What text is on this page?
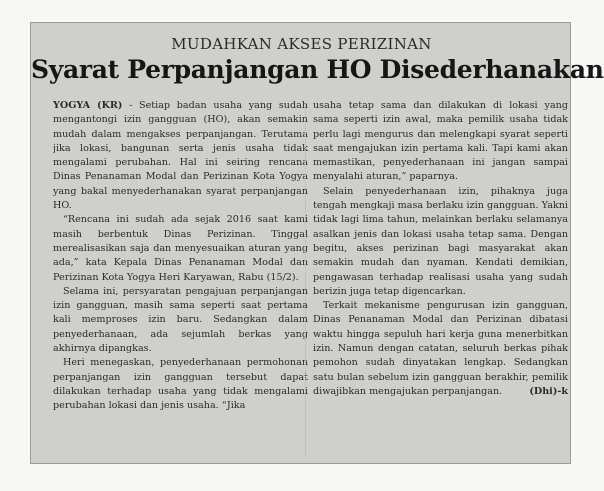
MUDAHKAN AKSES PERIZINAN
Syarat Perpanjangan HO Disederhanakan

YOGYA (KR) - Setiap badan usaha yang sudah mengantongi izin gangguan (HO), akan semakin mudah dalam mengakses perpanjangan. Terutama jika lokasi, bangunan serta jenis usaha tidak mengalami perubahan. Hal ini seiring rencana Dinas Penanaman Modal dan Perizinan Kota Yogya yang bakal menyederhanakan syarat perpanjangan HO.

“Rencana ini sudah ada sejak 2016 saat kami masih berbentuk Dinas Perizinan. Tinggal merealisasikan saja dan menyesuaikan aturan yang ada,” kata Kepala Dinas Penanaman Modal dan Perizinan Kota Yogya Heri Karyawan, Rabu (15/2).

Selama ini, persyaratan pengajuan perpanjangan izin gangguan, masih sama seperti saat pertama kali memproses izin baru. Sedangkan dalam penyederhanaan, ada sejumlah berkas yang akhirnya dipangkas.

Heri menegaskan, penyederhanaan permohonan perpanjangan izin gangguan tersebut dapat dilakukan terhadap usaha yang tidak mengalami perubahan lokasi dan jenis usaha. “Jika

usaha tetap sama dan dilakukan di lokasi yang sama seperti izin awal, maka pemilik usaha tidak perlu lagi mengurus dan melengkapi syarat seperti saat mengajukan izin pertama kali. Tapi kami akan memastikan, penyederhanaan ini jangan sampai menyalahi aturan,” paparnya.

Selain penyederhanaan izin, pihaknya juga tengah mengkaji masa berlaku izin gangguan. Yakni tidak lagi lima tahun, melainkan berlaku selamanya asalkan jenis dan lokasi usaha tetap sama. Dengan begitu, akses perizinan bagi masyarakat akan semakin mudah dan nyaman. Kendati demikian, pengawasan terhadap realisasi usaha yang sudah berizin juga tetap digencarkan.

Terkait mekanisme pengurusan izin gangguan, Dinas Penanaman Modal dan Perizinan dibatasi waktu hingga sepuluh hari kerja guna menerbitkan izin. Namun dengan catatan, seluruh berkas pihak pemohon sudah dinyatakan lengkap. Sedangkan satu bulan sebelum izin gangguan berakhir, pemilik diwajibkan mengajukan perpanjangan.	(Dhi)-k
